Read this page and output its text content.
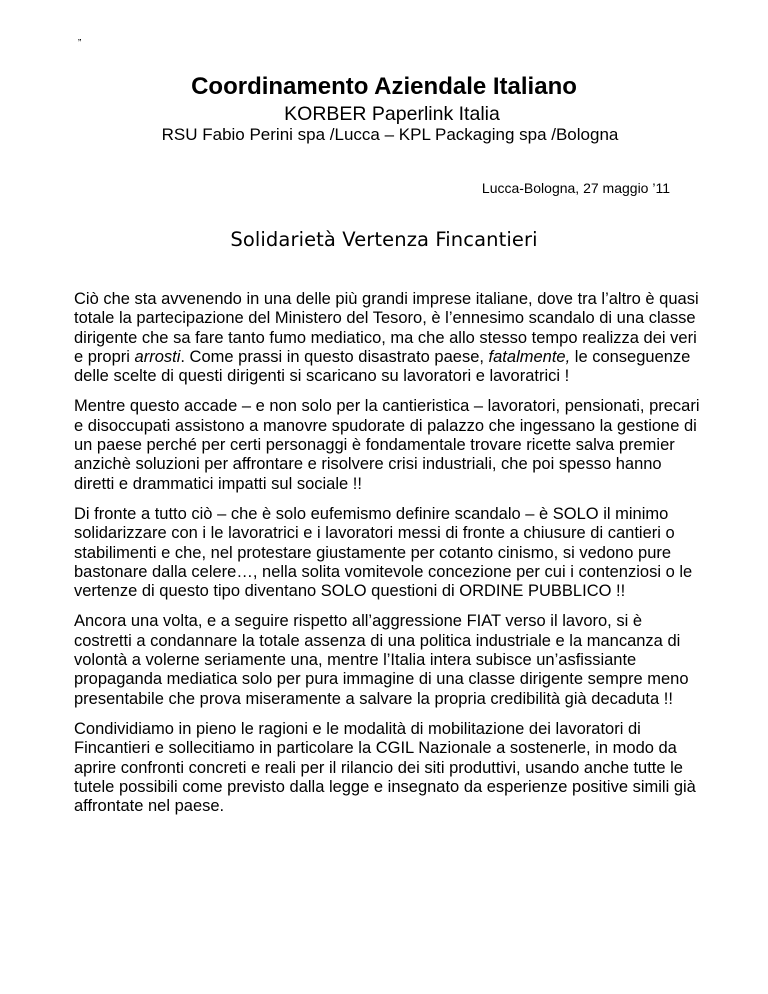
”
Coordinamento Aziendale Italiano
KORBER Paperlink Italia
RSU Fabio Perini spa /Lucca – KPL Packaging spa /Bologna
Lucca-Bologna, 27 maggio ’11
Solidarietà Vertenza Fincantieri

Ciò che sta avvenendo in una delle più grandi imprese italiane, dove tra l’altro è quasi totale la partecipazione del Ministero del Tesoro, è l’ennesimo scandalo di una classe dirigente che sa fare tanto fumo mediatico, ma che allo stesso tempo realizza dei veri e propri arrosti. Come prassi in questo disastrato paese, fatalmente, le conseguenze delle scelte di questi dirigenti si scaricano su lavoratori e lavoratrici !

Mentre questo accade – e non solo per la cantieristica – lavoratori, pensionati, precari e disoccupati assistono a manovre spudorate di palazzo che ingessano la gestione di un paese perché per certi personaggi è fondamentale trovare ricette salva premier anzichè soluzioni per affrontare e risolvere crisi industriali, che poi spesso hanno diretti e drammatici impatti sul sociale !!

Di fronte a tutto ciò – che è solo eufemismo definire scandalo – è SOLO il minimo solidarizzare con i le lavoratrici e i lavoratori messi di fronte a chiusure di cantieri o stabilimenti e che, nel protestare giustamente per cotanto cinismo, si vedono pure bastonare dalla celere…, nella solita vomitevole concezione per cui i contenziosi o le vertenze di questo tipo diventano SOLO questioni di ORDINE PUBBLICO !!

Ancora una volta, e a seguire rispetto all’aggressione FIAT verso il lavoro, si è costretti a condannare la totale assenza di una politica industriale e la mancanza di volontà a volerne seriamente una, mentre l’Italia intera subisce un’asfissiante propaganda mediatica solo per pura immagine di una classe dirigente sempre meno presentabile che prova miseramente a salvare la propria credibilità già decaduta !!

Condividiamo in pieno le ragioni e le modalità di mobilitazione dei lavoratori di Fincantieri e sollecitiamo in particolare la CGIL Nazionale a sostenerle, in modo da aprire confronti concreti e reali per il rilancio dei siti produttivi, usando anche tutte le tutele possibili come previsto dalla legge e insegnato da esperienze positive simili già affrontate nel paese.
